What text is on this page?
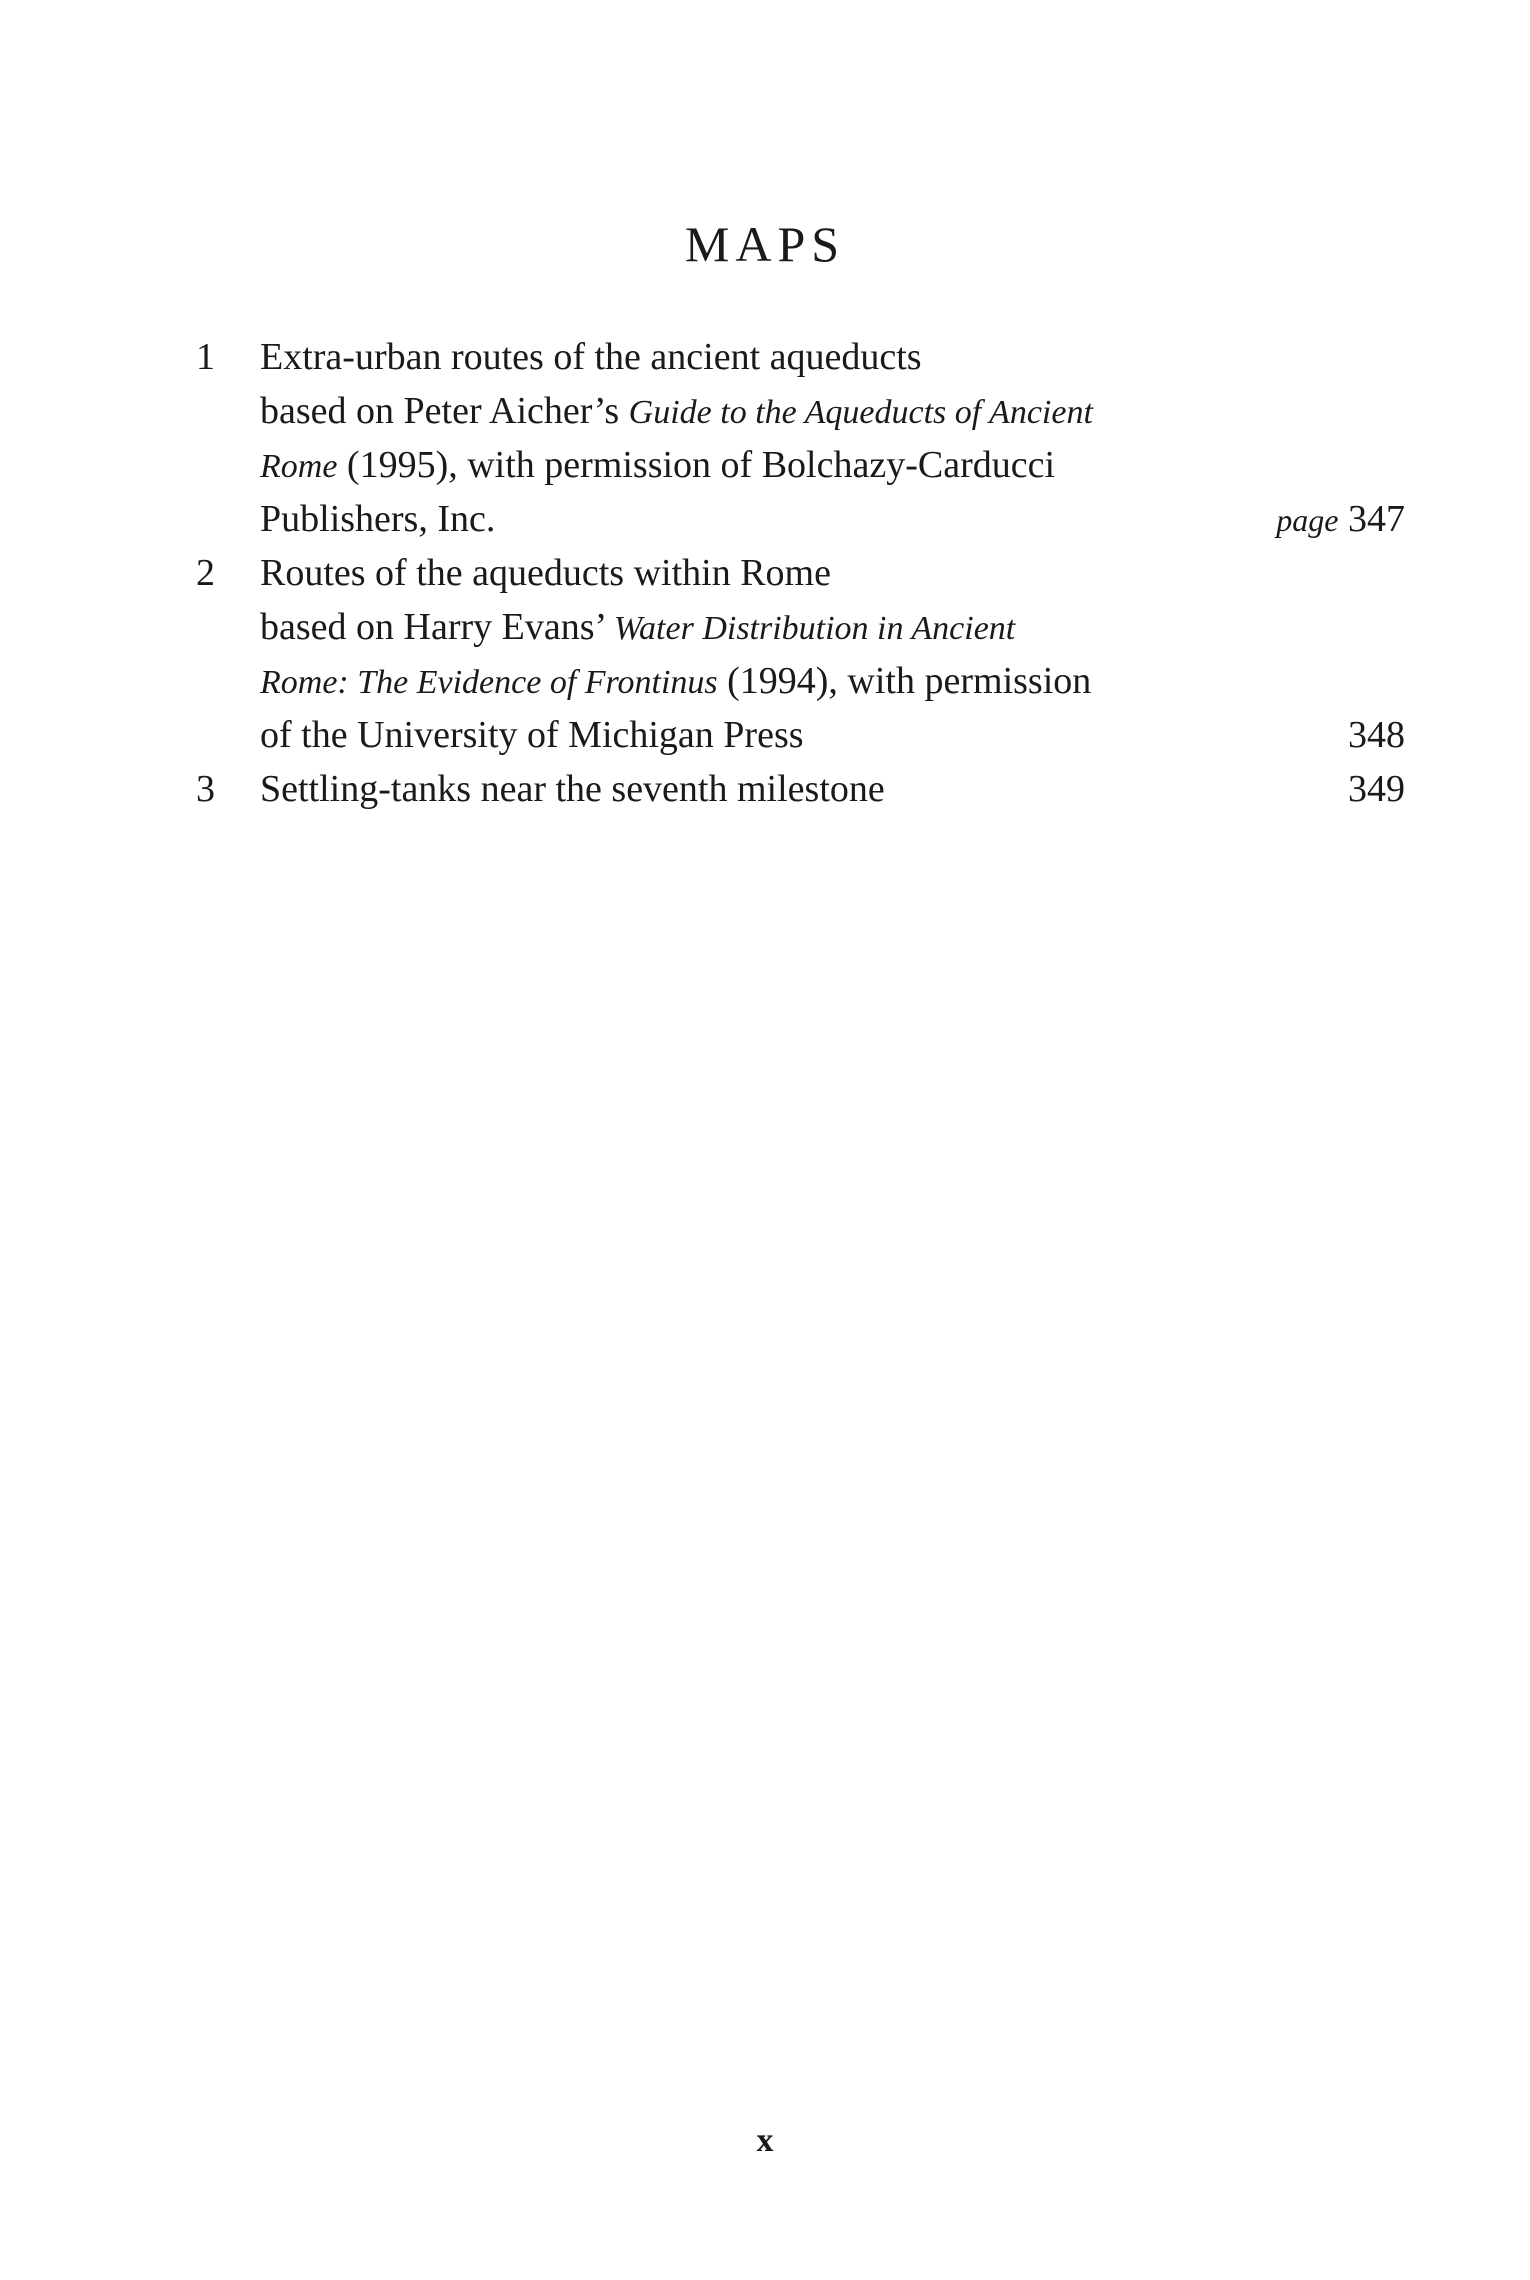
MAPS
1 Extra-urban routes of the ancient aqueducts
based on Peter Aicher’s Guide to the Aqueducts of Ancient
Rome (1995), with permission of Bolchazy-Carducci
Publishers, Inc.	page 347
2 Routes of the aqueducts within Rome
based on Harry Evans’ Water Distribution in Ancient
Rome: The Evidence of Frontinus (1994), with permission
of the University of Michigan Press	348
3 Settling-tanks near the seventh milestone	349
x
